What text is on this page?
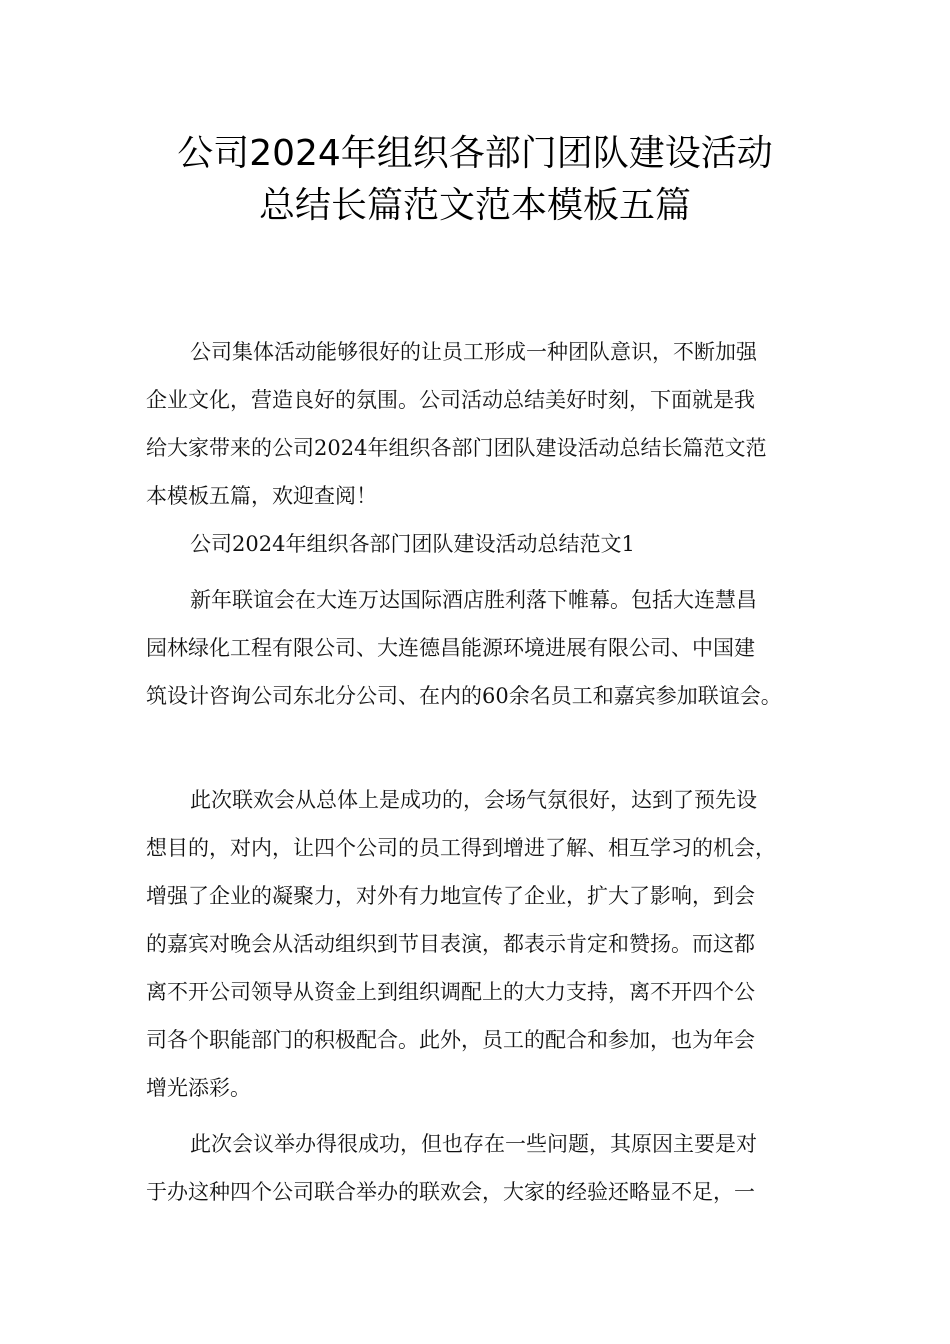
公司2024年组织各部门团队建设活动
总结长篇范文范本模板五篇
公司集体活动能够很好的让员工形成一种团队意识，不断加强
企业文化，营造良好的氛围。公司活动总结美好时刻，下面就是我
给大家带来的公司2024年组织各部门团队建设活动总结长篇范文范
本模板五篇，欢迎查阅！
公司2024年组织各部门团队建设活动总结范文1
新年联谊会在大连万达国际酒店胜利落下帷幕。包括大连慧昌
园林绿化工程有限公司、大连德昌能源环境进展有限公司、中国建
筑设计咨询公司东北分公司、在内的60余名员工和嘉宾参加联谊会。
此次联欢会从总体上是成功的，会场气氛很好，达到了预先设
想目的，对内，让四个公司的员工得到增进了解、相互学习的机会，
增强了企业的凝聚力，对外有力地宣传了企业，扩大了影响，到会
的嘉宾对晚会从活动组织到节目表演，都表示肯定和赞扬。而这都
离不开公司领导从资金上到组织调配上的大力支持，离不开四个公
司各个职能部门的积极配合。此外，员工的配合和参加，也为年会
增光添彩。
此次会议举办得很成功，但也存在一些问题，其原因主要是对
于办这种四个公司联合举办的联欢会，大家的经验还略显不足，一
